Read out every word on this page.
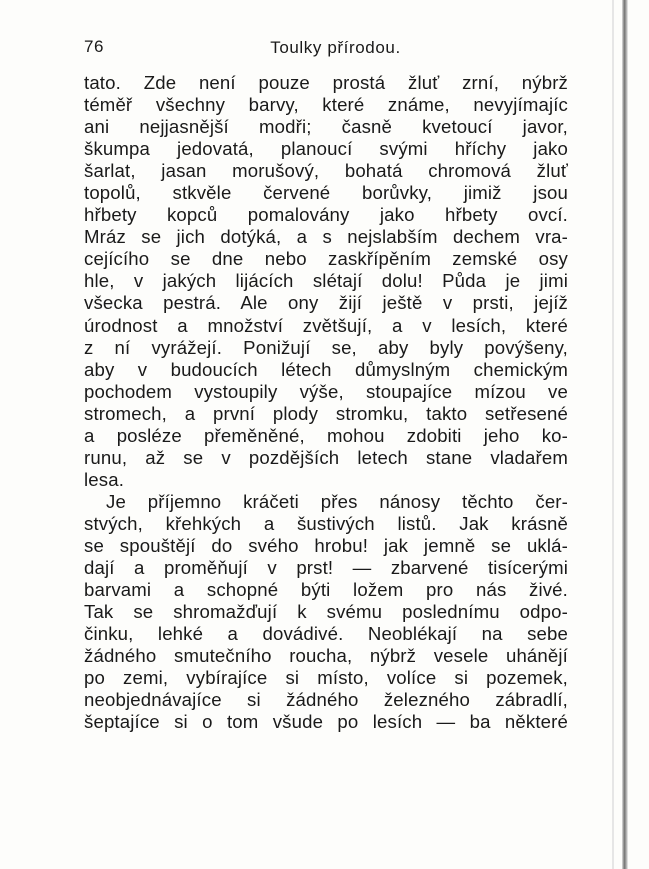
76	Toulky přírodou.
tato. Zde není pouze prostá žluť zrní, nýbrž
téměř všechny barvy, které známe, nevyjímajíc
ani nejjasnější modři; časně kvetoucí javor,
škumpa jedovatá, planoucí svými hříchy jako
šarlat, jasan morušový, bohatá chromová žluť
topolů, stkvěle červené borůvky, jimiž jsou
hřbety kopců pomalovány jako hřbety ovcí.
Mráz se jich dotýká, a s nejslabším dechem vra-
cejícího se dne nebo zaskřípěním zemské osy
hle, v jakých lijácích slétají dolu! Půda je jimi
všecka pestrá. Ale ony žijí ještě v prsti, jejíž
úrodnost a množství zvětšují, a v lesích, které
z ní vyrážejí. Ponižují se, aby byly povýšeny,
aby v budoucích létech důmyslným chemickým
pochodem vystoupily výše, stoupajíce mízou ve
stromech, a první plody stromku, takto setřesené
a posléze přeměněné, mohou zdobiti jeho ko-
runu, až se v pozdějších letech stane vladařem
lesa.
Je příjemno kráčeti přes nánosy těchto čer-
stvých, křehkých a šustivých listů. Jak krásně
se spouštějí do svého hrobu! jak jemně se uklá-
dají a proměňují v prst! — zbarvené tisícerými
barvami a schopné býti ložem pro nás živé.
Tak se shromažďují k svému poslednímu odpo-
činku, lehké a dovádivé. Neoblékají na sebe
žádného smutečního roucha, nýbrž vesele uhánějí
po zemi, vybírajíce si místo, volíce si pozemek,
neobjednávajíce si žádného železného zábradlí,
šeptajíce si o tom všude po lesích — ba některé
